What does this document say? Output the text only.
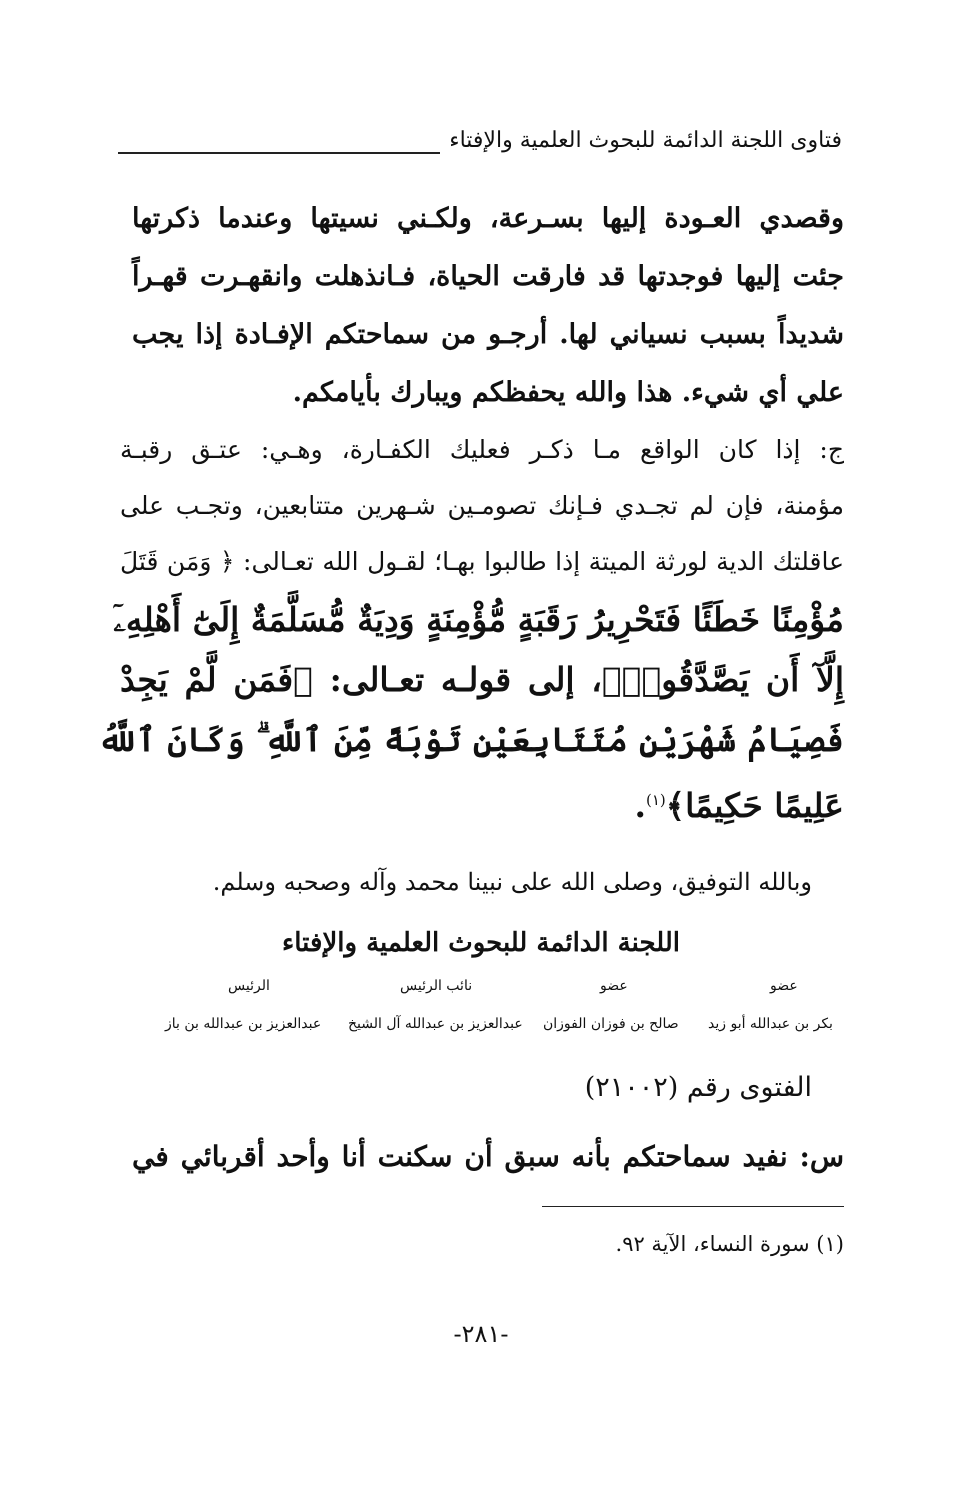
فتاوى اللجنة الدائمة للبحوث العلمية والإفتاء
وقصدي العـودة إليها بسـرعة، ولكـني نسيتها وعندما ذكرتها
جئت إليها فوجدتها قد فارقت الحياة، فـانذهلت وانقهـرت قهـراً
شديداً بسبب نسياني لها. أرجـو من سماحتكم الإفـادة إذا يجب
علي أي شيء. هذا والله يحفظكم ويبارك بأيامكم.
ج: إذا كان الواقع مـا ذكـر فعليك الكفـارة، وهـي: عتـق رقبـة
مؤمنة، فإن لم تجـدي فـإنك تصومـين شـهرين متتابعين، وتجـب على
عاقلتك الدية لورثة الميتة إذا طالبوا بهـا؛ لقـول الله تعـالى: ﴿ وَمَن قَتَلَ
مُؤْمِنًا خَطَئًا فَتَحْرِيرُ رَقَبَةٍ مُّؤْمِنَةٍ وَدِيَةٌ مُّسَلَّمَةٌ إِلَىٰٓ أَهْلِهِۦٓ
إِلَّآ أَن يَصَّدَّقُوا۟﴾، إلى قولـه تعـالى: ﴿فَمَن لَّمْ يَجِدْ
فَصِيَامُ شَهْرَيْنِ مُتَتَابِعَيْنِ تَوْبَةً مِّنَ ٱللَّهِ ۗ وَكَانَ ٱللَّهُ
عَلِيمًا حَكِيمًا﴾$^{(١)}$.
وبالله التوفيق، وصلى الله على نبينا محمد وآله وصحبه وسلم.
اللجنة الدائمة للبحوث العلمية والإفتاء
عضو
عضو
نائب الرئيس
الرئيس
بكر بن عبدالله أبو زيد
صالح بن فوزان الفوزان
عبدالعزيز بن عبدالله آل الشيخ
عبدالعزيز بن عبدالله بن باز
الفتوى رقم (٢١٠٠٢)
س: نفيد سماحتكم بأنه سبق أن سكنت أنا وأحد أقربائي في
(١) سورة النساء، الآية ٩٢.
-٢٨١-
